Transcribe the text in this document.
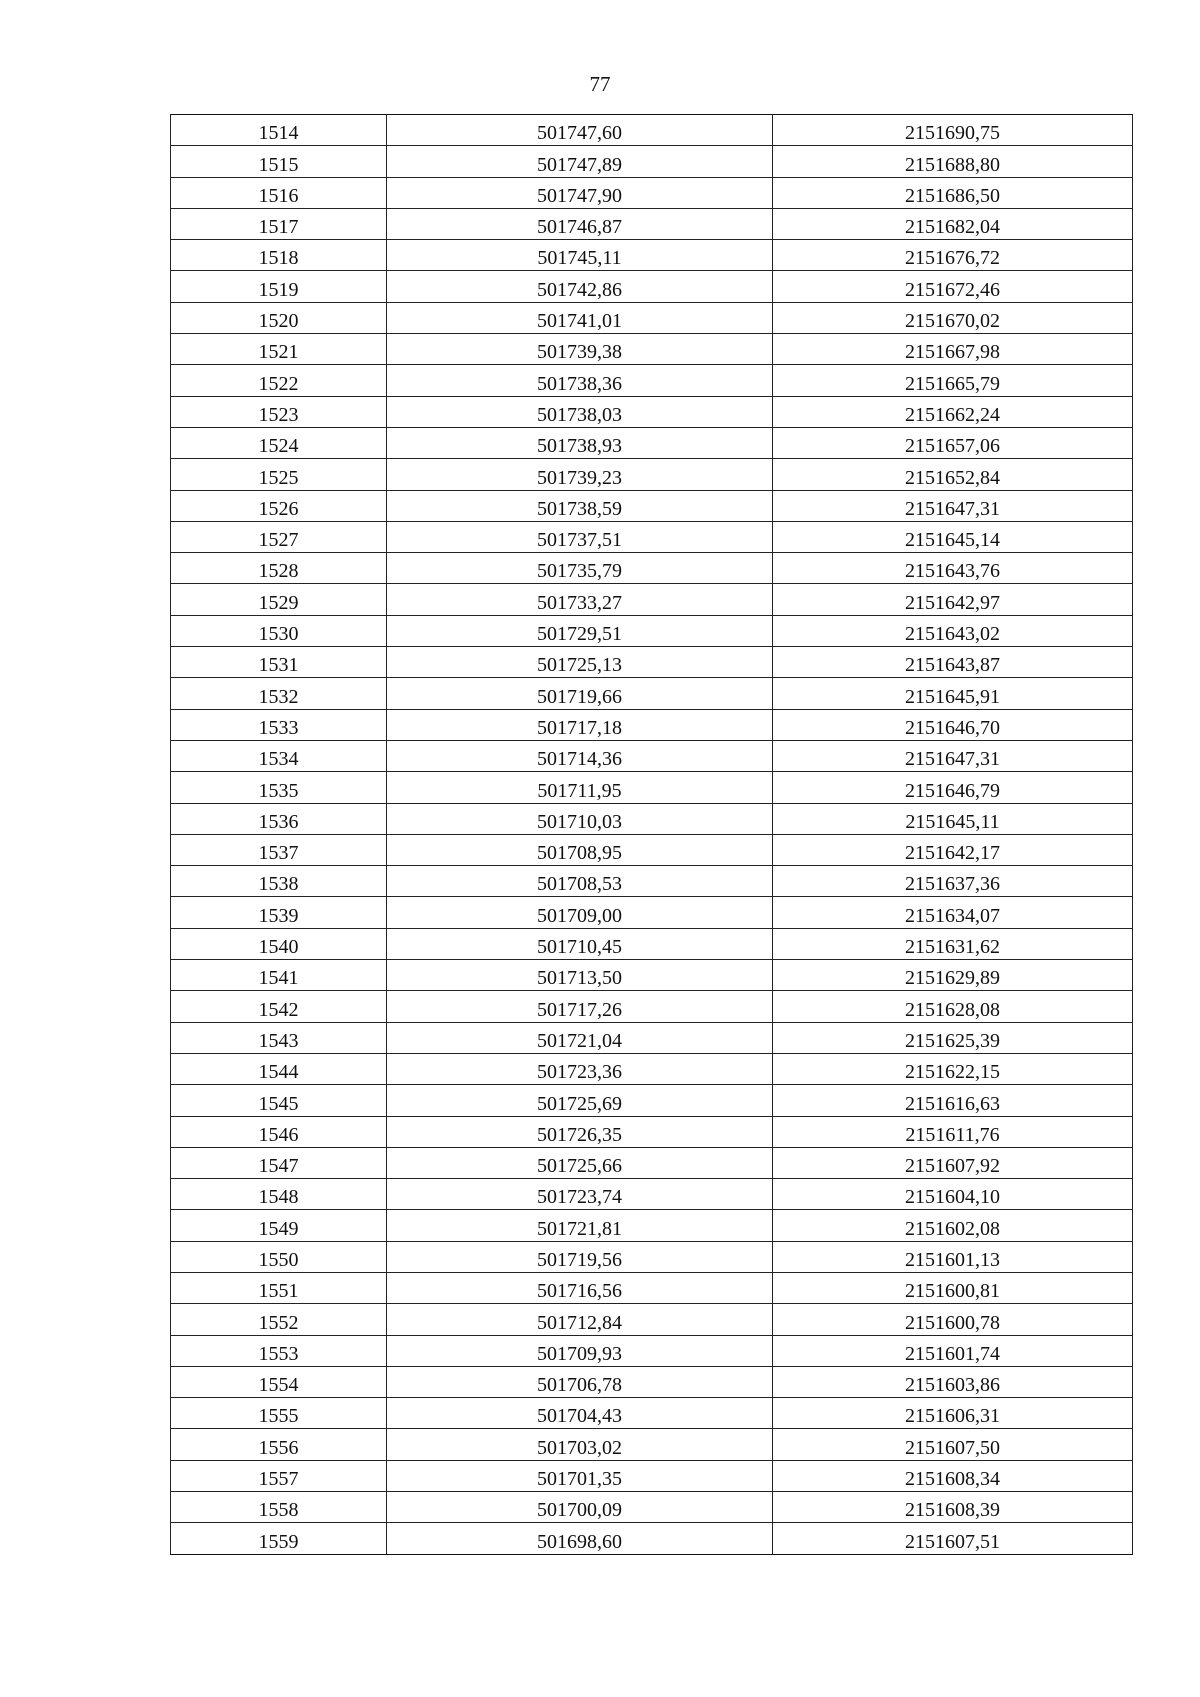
77
1514	501747,60	2151690,75
1515	501747,89	2151688,80
1516	501747,90	2151686,50
1517	501746,87	2151682,04
1518	501745,11	2151676,72
1519	501742,86	2151672,46
1520	501741,01	2151670,02
1521	501739,38	2151667,98
1522	501738,36	2151665,79
1523	501738,03	2151662,24
1524	501738,93	2151657,06
1525	501739,23	2151652,84
1526	501738,59	2151647,31
1527	501737,51	2151645,14
1528	501735,79	2151643,76
1529	501733,27	2151642,97
1530	501729,51	2151643,02
1531	501725,13	2151643,87
1532	501719,66	2151645,91
1533	501717,18	2151646,70
1534	501714,36	2151647,31
1535	501711,95	2151646,79
1536	501710,03	2151645,11
1537	501708,95	2151642,17
1538	501708,53	2151637,36
1539	501709,00	2151634,07
1540	501710,45	2151631,62
1541	501713,50	2151629,89
1542	501717,26	2151628,08
1543	501721,04	2151625,39
1544	501723,36	2151622,15
1545	501725,69	2151616,63
1546	501726,35	2151611,76
1547	501725,66	2151607,92
1548	501723,74	2151604,10
1549	501721,81	2151602,08
1550	501719,56	2151601,13
1551	501716,56	2151600,81
1552	501712,84	2151600,78
1553	501709,93	2151601,74
1554	501706,78	2151603,86
1555	501704,43	2151606,31
1556	501703,02	2151607,50
1557	501701,35	2151608,34
1558	501700,09	2151608,39
1559	501698,60	2151607,51
